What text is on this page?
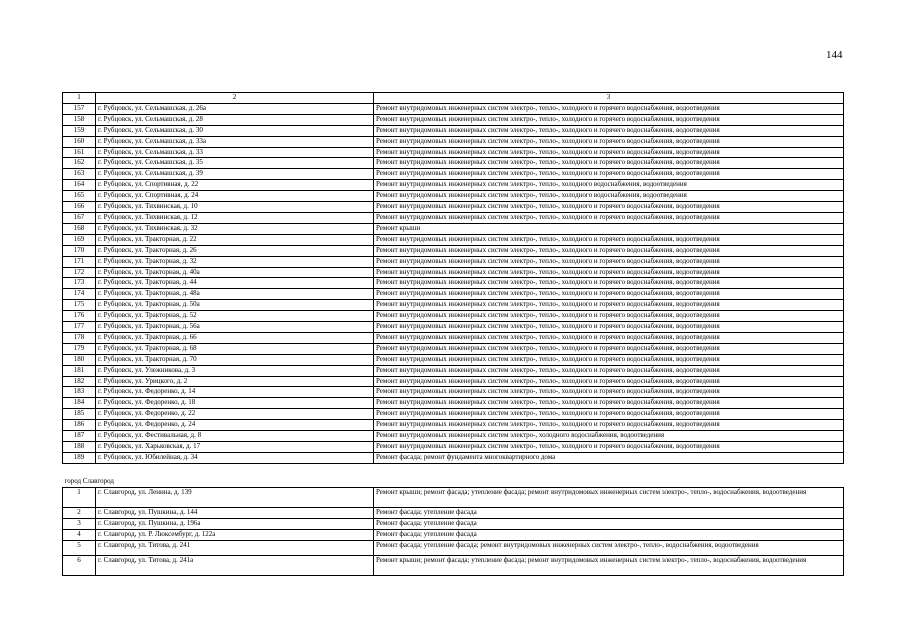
144
1	2	3
157	г. Рубцовск, ул. Сельмашская, д. 26а	Ремонт внутридомовых инженерных систем электро-, тепло-, холодного и горячего водоснабжения, водоотведения
158	г. Рубцовск, ул. Сельмашская, д. 28	Ремонт внутридомовых инженерных систем электро-, тепло-, холодного и горячего водоснабжения, водоотведения
159	г. Рубцовск, ул. Сельмашская, д. 30	Ремонт внутридомовых инженерных систем электро-, тепло-, холодного и горячего водоснабжения, водоотведения
160	г. Рубцовск, ул. Сельмашская, д. 33а	Ремонт внутридомовых инженерных систем электро-, тепло-, холодного и горячего водоснабжения, водоотведения
161	г. Рубцовск, ул. Сельмашская, д. 33	Ремонт внутридомовых инженерных систем электро-, тепло-, холодного и горячего водоснабжения, водоотведения
162	г. Рубцовск, ул. Сельмашская, д. 35	Ремонт внутридомовых инженерных систем электро-, тепло-, холодного и горячего водоснабжения, водоотведения
163	г. Рубцовск, ул. Сельмашская, д. 39	Ремонт внутридомовых инженерных систем электро-, тепло-, холодного и горячего водоснабжения, водоотведения
164	г. Рубцовск, ул. Спортивная, д. 22	Ремонт внутридомовых инженерных систем электро-, тепло-, холодного водоснабжения, водоотведения
165	г. Рубцовск, ул. Спортивная, д. 24	Ремонт внутридомовых инженерных систем электро-, тепло-, холодного водоснабжения, водоотведения
166	г. Рубцовск, ул. Тихвинская, д. 10	Ремонт внутридомовых инженерных систем электро-, тепло-, холодного и горячего водоснабжения, водоотведения
167	г. Рубцовск, ул. Тихвинская, д. 12	Ремонт внутридомовых инженерных систем электро-, тепло-, холодного и горячего водоснабжения, водоотведения
168	г. Рубцовск, ул. Тихвинская, д. 32	Ремонт крыши
169	г. Рубцовск, ул. Тракторная, д. 22	Ремонт внутридомовых инженерных систем электро-, тепло-, холодного и горячего водоснабжения, водоотведения
170	г. Рубцовск, ул. Тракторная, д. 26	Ремонт внутридомовых инженерных систем электро-, тепло-, холодного и горячего водоснабжения, водоотведения
171	г. Рубцовск, ул. Тракторная, д. 32	Ремонт внутридомовых инженерных систем электро-, тепло-, холодного и горячего водоснабжения, водоотведения
172	г. Рубцовск, ул. Тракторная, д. 40а	Ремонт внутридомовых инженерных систем электро-, тепло-, холодного и горячего водоснабжения, водоотведения
173	г. Рубцовск, ул. Тракторная, д. 44	Ремонт внутридомовых инженерных систем электро-, тепло-, холодного и горячего водоснабжения, водоотведения
174	г. Рубцовск, ул. Тракторная, д. 48а	Ремонт внутридомовых инженерных систем электро-, тепло-, холодного и горячего водоснабжения, водоотведения
175	г. Рубцовск, ул. Тракторная, д. 50а	Ремонт внутридомовых инженерных систем электро-, тепло-, холодного и горячего водоснабжения, водоотведения
176	г. Рубцовск, ул. Тракторная, д. 52	Ремонт внутридомовых инженерных систем электро-, тепло-, холодного и горячего водоснабжения, водоотведения
177	г. Рубцовск, ул. Тракторная, д. 56а	Ремонт внутридомовых инженерных систем электро-, тепло-, холодного и горячего водоснабжения, водоотведения
178	г. Рубцовск, ул. Тракторная, д. 66	Ремонт внутридомовых инженерных систем электро-, тепло-, холодного и горячего водоснабжения, водоотведения
179	г. Рубцовск, ул. Тракторная, д. 68	Ремонт внутридомовых инженерных систем электро-, тепло-, холодного и горячего водоснабжения, водоотведения
180	г. Рубцовск, ул. Тракторная, д. 70	Ремонт внутридомовых инженерных систем электро-, тепло-, холодного и горячего водоснабжения, водоотведения
181	г. Рубцовск, ул. Улежникова, д. 3	Ремонт внутридомовых инженерных систем электро-, тепло-, холодного и горячего водоснабжения, водоотведения
182	г. Рубцовск, ул. Урицкого, д. 2	Ремонт внутридомовых инженерных систем электро-, тепло-, холодного и горячего водоснабжения, водоотведения
183	г. Рубцовск, ул. Федоренко, д. 14	Ремонт внутридомовых инженерных систем электро-, тепло-, холодного и горячего водоснабжения, водоотведения
184	г. Рубцовск, ул. Федоренко, д. 18	Ремонт внутридомовых инженерных систем электро-, тепло-, холодного и горячего водоснабжения, водоотведения
185	г. Рубцовск, ул. Федоренко, д. 22	Ремонт внутридомовых инженерных систем электро-, тепло-, холодного и горячего водоснабжения, водоотведения
186	г. Рубцовск, ул. Федоренко, д. 24	Ремонт внутридомовых инженерных систем электро-, тепло-, холодного и горячего водоснабжения, водоотведения
187	г. Рубцовск, ул. Фестивальная, д. 8	Ремонт внутридомовых инженерных систем электро-, холодного водоснабжения, водоотведения
188	г. Рубцовск, ул. Харьковская, д. 17	Ремонт внутридомовых инженерных систем электро-, тепло-, холодного и горячего водоснабжения, водоотведения
189	г. Рубцовск, ул. Юбилейная, д. 34	Ремонт фасада; ремонт фундамента многоквартирного дома
город Славгород		
1	г. Славгород, ул. Ленина, д. 139	Ремонт крыши; ремонт фасада; утепление фасада; ремонт внутридомовых инженерных систем электро-, тепло-, водоснабжения, водоотведения
2	г. Славгород, ул. Пушкина, д. 144	Ремонт фасада; утепление фасада
3	г. Славгород, ул. Пушкина, д. 196а	Ремонт фасада; утепление фасада
4	г. Славгород, ул. Р. Люксембург, д. 122а	Ремонт фасада; утепление фасада
5	г. Славгород, ул. Титова, д. 241	Ремонт фасада; утепление фасада; ремонт внутридомовых инженерных систем электро-, тепло-, водоснабжения, водоотведения
6	г. Славгород, ул. Титова, д. 241а	Ремонт крыши; ремонт фасада; утепление фасада; ремонт внутридомовых инженерных систем электро-, тепло-, водоснабжения, водоотведения
